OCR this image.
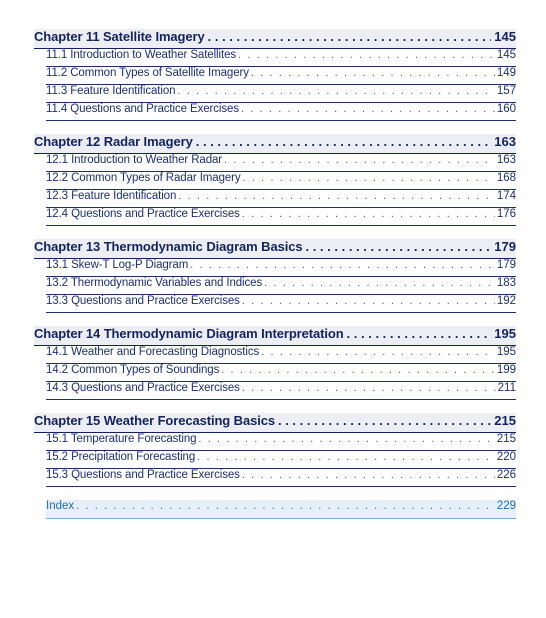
Chapter 11 Satellite Imagery . . .	145
11.1 Introduction to Weather Satellites . . .	145
11.2 Common Types of Satellite Imagery . . .	149
11.3 Feature Identification . . .	157
11.4 Questions and Practice Exercises . . .	160
Chapter 12 Radar Imagery . . .	163
12.1 Introduction to Weather Radar . . .	163
12.2 Common Types of Radar Imagery . . .	168
12.3 Feature Identification . . .	174
12.4 Questions and Practice Exercises . . .	176
Chapter 13 Thermodynamic Diagram Basics . . .	179
13.1 Skew-T Log-P Diagram . . .	179
13.2 Thermodynamic Variables and Indices . . .	183
13.3 Questions and Practice Exercises . . .	192
Chapter 14 Thermodynamic Diagram Interpretation . . .	195
14.1 Weather and Forecasting Diagnostics . . .	195
14.2 Common Types of Soundings . . .	199
14.3 Questions and Practice Exercises . . .	211
Chapter 15 Weather Forecasting Basics . . .	215
15.1 Temperature Forecasting . . .	215
15.2 Precipitation Forecasting . . .	220
15.3 Questions and Practice Exercises . . .	226
Index . . .	229
